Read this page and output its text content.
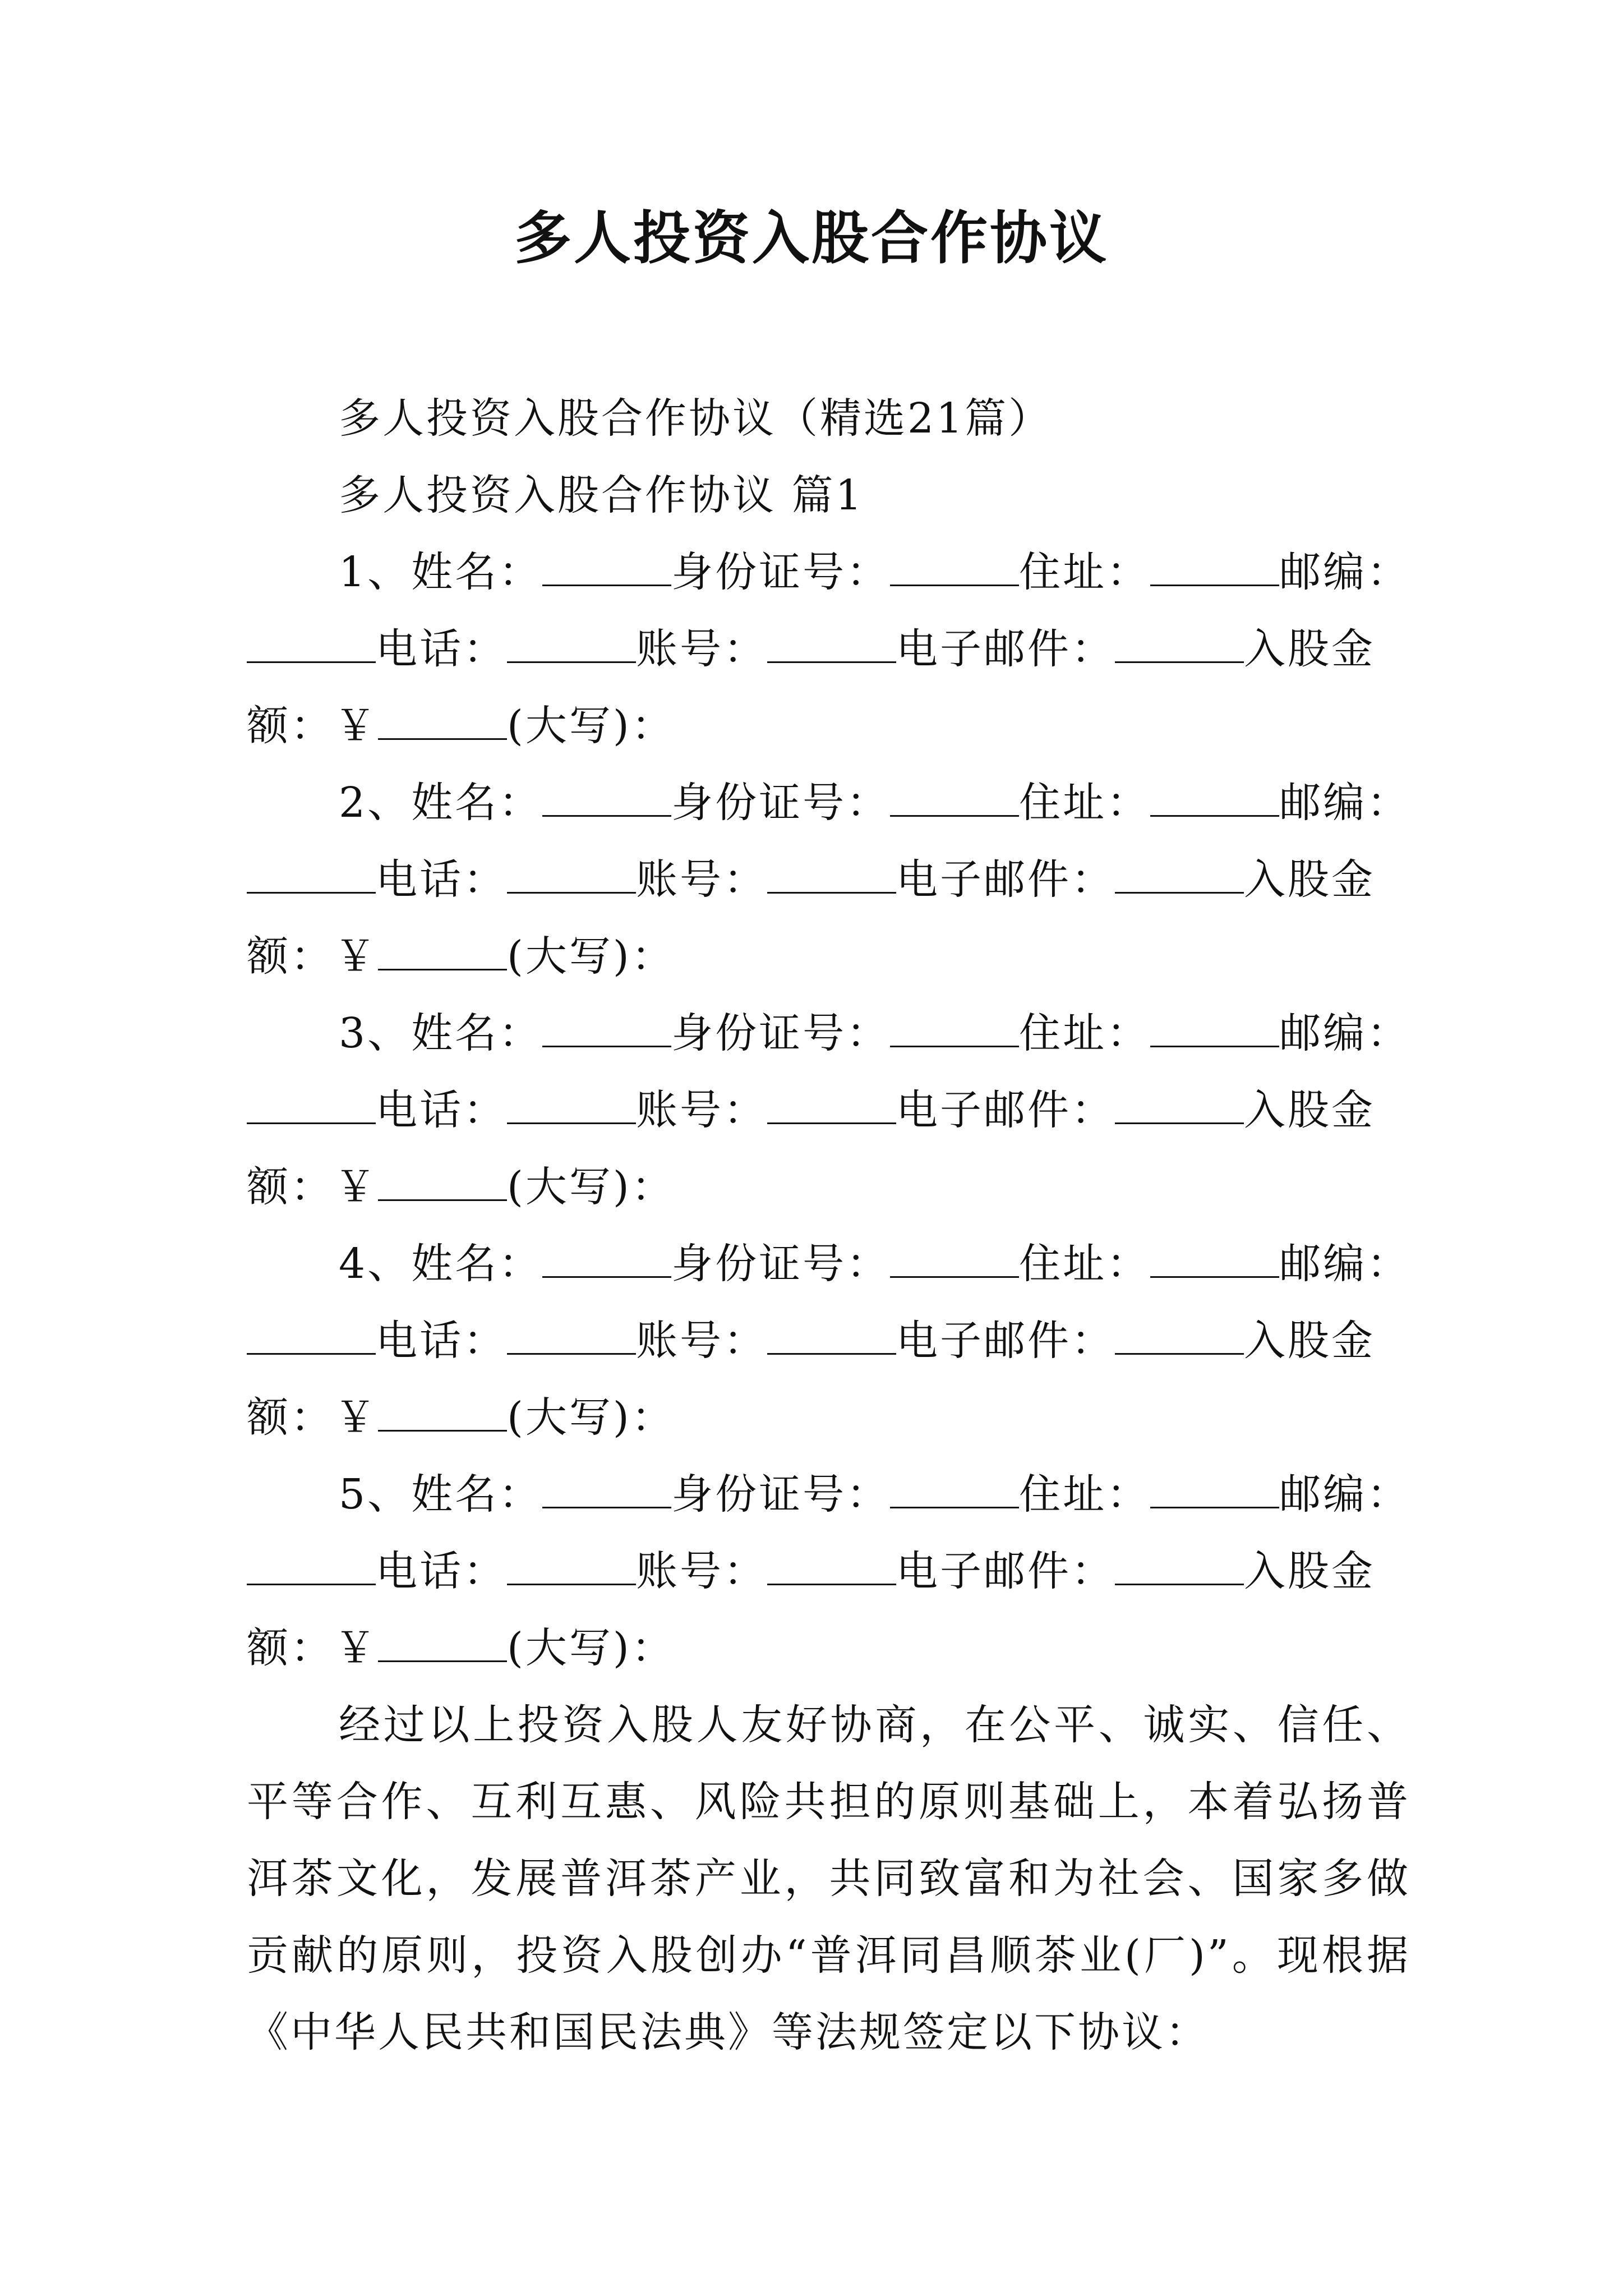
多人投资入股合作协议
多人投资入股合作协议（精选21篇）
多人投资入股合作协议 篇1
1、姓名：	身份证号：	住址：	邮编：
电话：	账号：	电子邮件：	入股金
额：￥	(大写)：
2、姓名：	身份证号：	住址：	邮编：
电话：	账号：	电子邮件：	入股金
额：￥	(大写)：
3、姓名：	身份证号：	住址：	邮编：
电话：	账号：	电子邮件：	入股金
额：￥	(大写)：
4、姓名：	身份证号：	住址：	邮编：
电话：	账号：	电子邮件：	入股金
额：￥	(大写)：
5、姓名：	身份证号：	住址：	邮编：
电话：	账号：	电子邮件：	入股金
额：￥	(大写)：
经过以上投资入股人友好协商，在公平、诚实、信任、平等合作、互利互惠、风险共担的原则基础上，本着弘扬普洱茶文化，发展普洱茶产业，共同致富和为社会、国家多做贡献的原则，投资入股创办“普洱同昌顺茶业(厂)”。现根据《中华人民共和国民法典》等法规签定以下协议：
